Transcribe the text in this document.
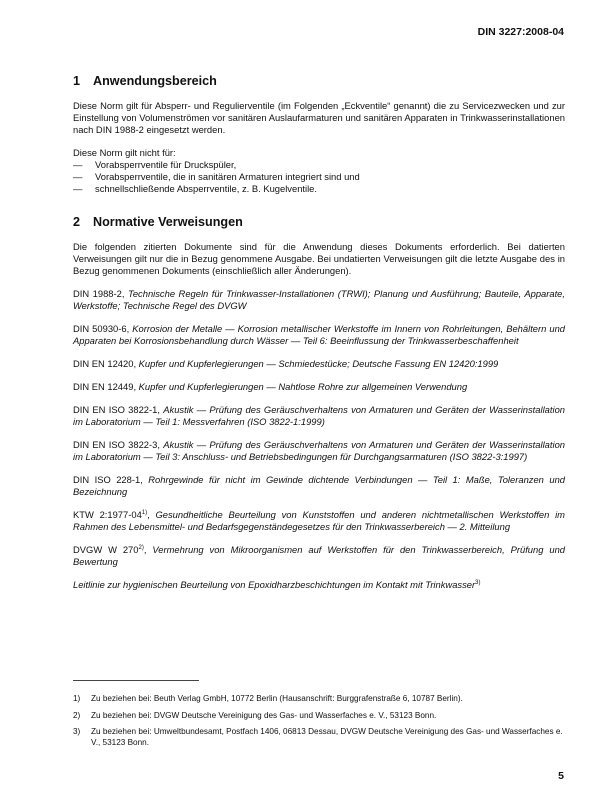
DIN 3227:2008-04
1 Anwendungsbereich

Diese Norm gilt für Absperr- und Regulierventile (im Folgenden „Eckventile“ genannt) die zu Servicezwecken und zur Einstellung von Volumenströmen vor sanitären Auslaufarmaturen und sanitären Apparaten in Trinkwasserinstallationen nach DIN 1988-2 eingesetzt werden.

Diese Norm gilt nicht für:

—	Vorabsperrventile für Druckspüler,
—	Vorabsperrventile, die in sanitären Armaturen integriert sind und
—	schnellschließende Absperrventile, z. B. Kugelventile.
2 Normative Verweisungen

Die folgenden zitierten Dokumente sind für die Anwendung dieses Dokuments erforderlich. Bei datierten Verweisungen gilt nur die in Bezug genommene Ausgabe. Bei undatierten Verweisungen gilt die letzte Ausgabe des in Bezug genommenen Dokuments (einschließlich aller Änderungen).

DIN 1988-2, Technische Regeln für Trinkwasser-Installationen (TRWI); Planung und Ausführung; Bauteile, Apparate, Werkstoffe; Technische Regel des DVGW

DIN 50930-6, Korrosion der Metalle — Korrosion metallischer Werkstoffe im Innern von Rohrleitungen, Behältern und Apparaten bei Korrosionsbehandlung durch Wässer — Teil 6: Beeinflussung der Trinkwasserbeschaffenheit

DIN EN 12420, Kupfer und Kupferlegierungen — Schmiedestücke; Deutsche Fassung EN 12420:1999

DIN EN 12449, Kupfer und Kupferlegierungen — Nahtlose Rohre zur allgemeinen Verwendung

DIN EN ISO 3822-1, Akustik — Prüfung des Geräuschverhaltens von Armaturen und Geräten der Wasserinstallation im Laboratorium — Teil 1: Messverfahren (ISO 3822-1:1999)

DIN EN ISO 3822-3, Akustik — Prüfung des Geräuschverhaltens von Armaturen und Geräten der Wasserinstallation im Laboratorium — Teil 3: Anschluss- und Betriebsbedingungen für Durchgangsarmaturen (ISO 3822-3:1997)

DIN ISO 228-1, Rohrgewinde für nicht im Gewinde dichtende Verbindungen — Teil 1: Maße, Toleranzen und Bezeichnung

KTW 2:1977-04$^{1)}$, Gesundheitliche Beurteilung von Kunststoffen und anderen nichtmetallischen Werkstoffen im Rahmen des Lebensmittel- und Bedarfsgegenständegesetzes für den Trinkwasserbereich — 2. Mitteilung

DVGW W 270$^{2)}$, Vermehrung von Mikroorganismen auf Werkstoffen für den Trinkwasserbereich, Prüfung und Bewertung

Leitlinie zur hygienischen Beurteilung von Epoxidharzbeschichtungen im Kontakt mit Trinkwasser$^{3)}$

1)	Zu beziehen bei: Beuth Verlag GmbH, 10772 Berlin (Hausanschrift: Burggrafenstraße 6, 10787 Berlin).
2)	Zu beziehen bei: DVGW Deutsche Vereinigung des Gas- und Wasserfaches e. V., 53123 Bonn.
3)	Zu beziehen bei: Umweltbundesamt, Postfach 1406, 06813 Dessau, DVGW Deutsche Vereinigung des Gas- und Wasserfaches e. V., 53123 Bonn.
5
